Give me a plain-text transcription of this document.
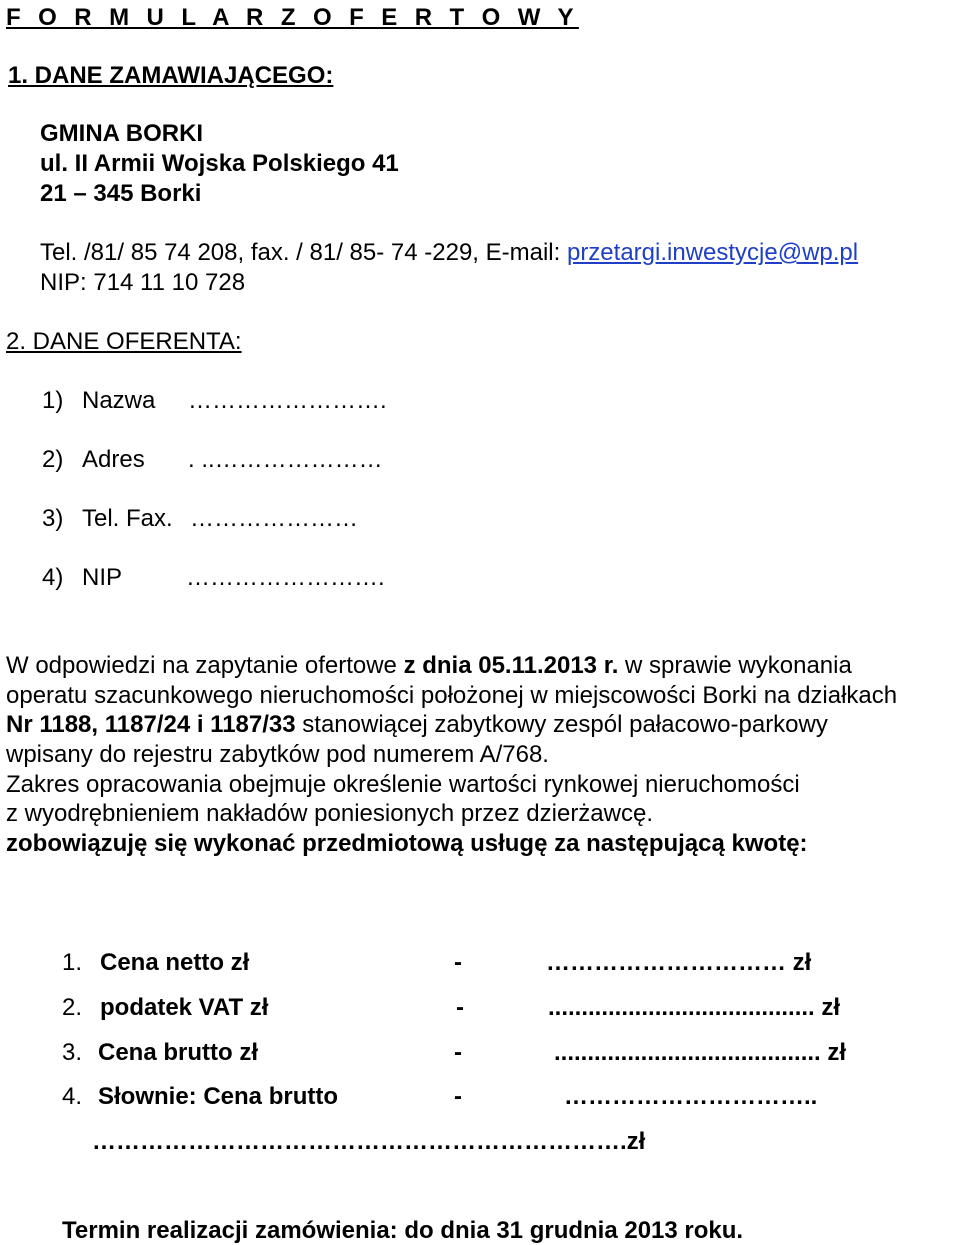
F O R M U L A R Z O F E R T O W Y
1. DANE ZAMAWIAJĄCEGO:
GMINA BORKI
ul. II Armii Wojska Polskiego 41
21 – 345 Borki
Tel. /81/ 85 74 208, fax. / 81/ 85- 74 -229, E-mail: przetargi.inwestycje@wp.pl
NIP: 714 11 10 728
2. DANE OFERENTA:
1) Nazwa …………………….
2) Adres . ..…………………
3) Tel. Fax. …………………
4) NIP	…………………….
W odpowiedzi na zapytanie ofertowe z dnia 05.11.2013 r. w sprawie wykonania
operatu szacunkowego nieruchomości położonej w miejscowości Borki na działkach
Nr 1188, 1187/24 i 1187/33 stanowiącej zabytkowy zespól pałacowo-parkowy
wpisany do rejestru zabytków pod numerem A/768.
Zakres opracowania obejmuje określenie wartości rynkowej nieruchomości
z wyodrębnieniem nakładów poniesionych przez dzierżawcę.
zobowiązuję się wykonać przedmiotową usługę za następującą kwotę:
1. Cena netto zł	-	………………………… zł
2. podatek VAT zł	-	........................................ zł
3. Cena brutto zł	-	........................................ zł
4. Słownie: Cena brutto	-	…………………………..
………………………………………………………….zł
Termin realizacji zamówienia: do dnia 31 grudnia 2013 roku.
